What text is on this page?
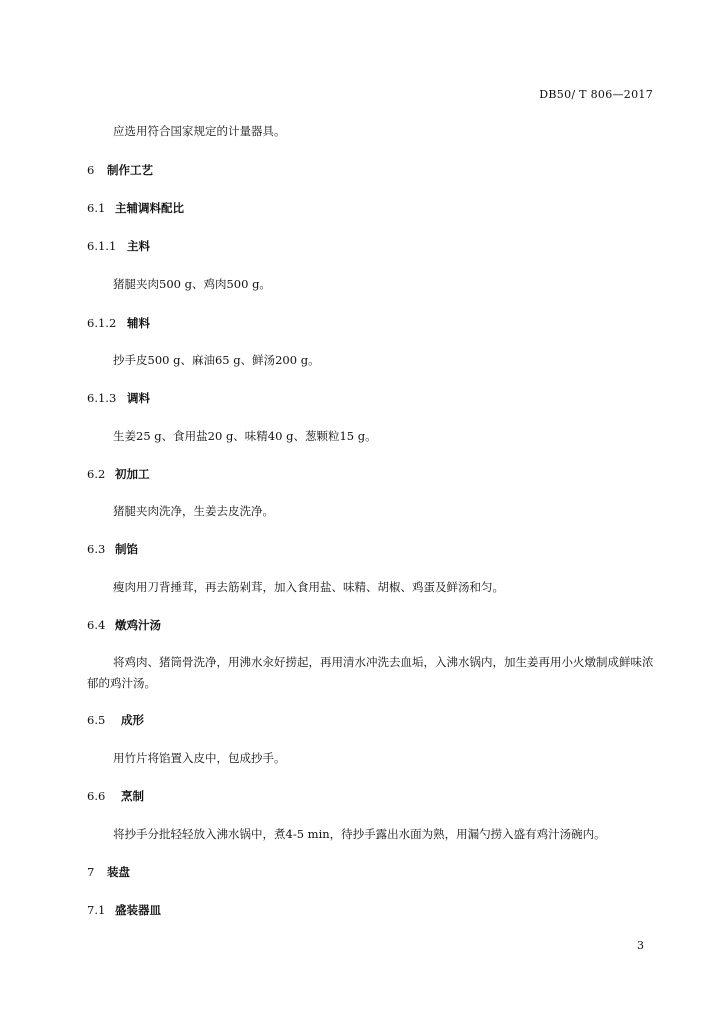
DB50/ T 806—2017
应选用符合国家规定的计量器具。
6 制作工艺
6.1 主辅调料配比
6.1.1 主料
猪腿夹肉500 g、鸡肉500 g。
6.1.2 辅料
抄手皮500 g、麻油65 g、鲜汤200 g。
6.1.3 调料
生姜25 g、食用盐20 g、味精40 g、葱颗粒15 g。
6.2 初加工
猪腿夹肉洗净，生姜去皮洗净。
6.3 制馅
瘦肉用刀背捶茸，再去筋剁茸，加入食用盐、味精、胡椒、鸡蛋及鲜汤和匀。
6.4 燉鸡汁汤
将鸡肉、猪筒骨洗净，用沸水汆好捞起，再用清水冲洗去血垢，入沸水锅内，加生姜再用小火燉制成鲜味浓郁的鸡汁汤。
6.5 成形
用竹片将馅置入皮中，包成抄手。
6.6 烹制
将抄手分批轻轻放入沸水锅中，煮4-5 min，待抄手露出水面为熟，用漏勺捞入盛有鸡汁汤碗内。
7 装盘
7.1 盛装器皿
3
